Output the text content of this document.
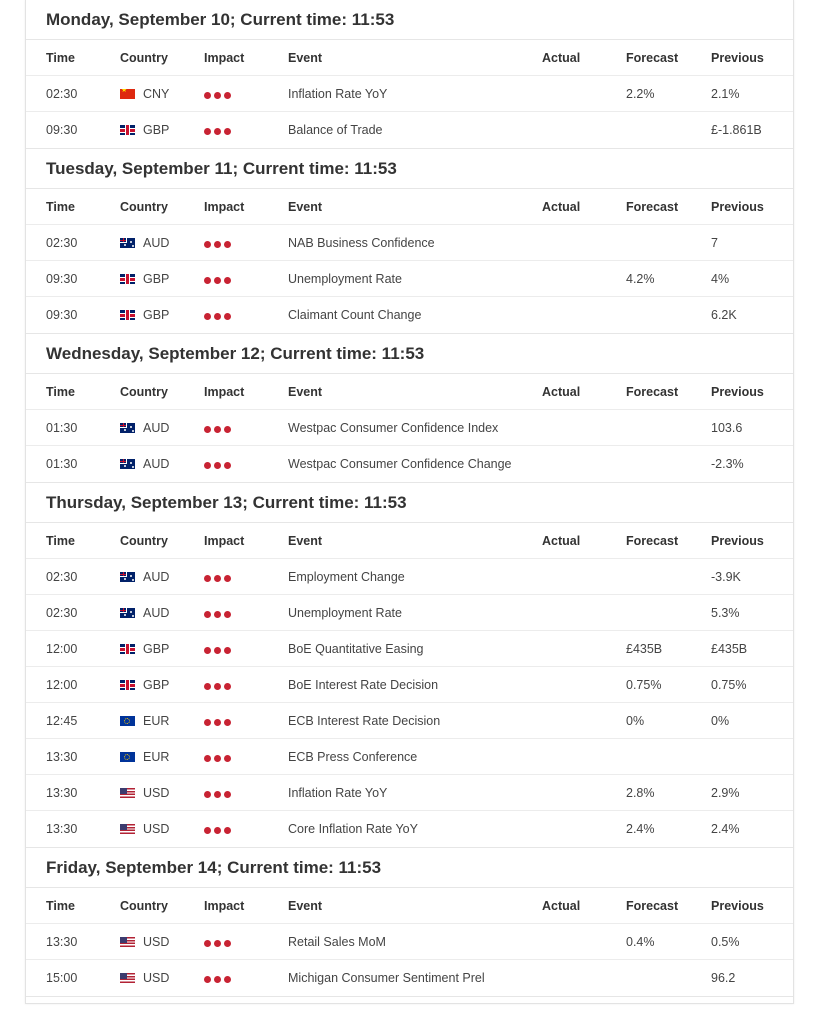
Monday, September 10; Current time: 11:53
Time	Country	Impact	Event	Actual	Forecast	Previous
02:30
★	CNY	Inflation Rate YoY	2.2%	2.1%
09:30	GBP	Balance of Trade	£-1.861B
Tuesday, September 11; Current time: 11:53
Time	Country	Impact	Event	Actual	Forecast	Previous
02:30	AUD	NAB Business Confidence	7
09:30	GBP	Unemployment Rate	4.2%	4%
09:30	GBP	Claimant Count Change	6.2K
Wednesday, September 12; Current time: 11:53
Time	Country	Impact	Event	Actual	Forecast	Previous
01:30	AUD	Westpac Consumer Confidence Index	103.6
01:30	AUD	Westpac Consumer Confidence Change	-2.3%
Thursday, September 13; Current time: 11:53
Time	Country	Impact	Event	Actual	Forecast	Previous
02:30	AUD	Employment Change	-3.9K
02:30	AUD	Unemployment Rate	5.3%
12:00	GBP	BoE Quantitative Easing	£435B	£435B
12:00	GBP	BoE Interest Rate Decision	0.75%	0.75%
12:45	EUR	ECB Interest Rate Decision	0%	0%
13:30	EUR	ECB Press Conference
13:30	USD	Inflation Rate YoY	2.8%	2.9%
13:30	USD	Core Inflation Rate YoY	2.4%	2.4%
Friday, September 14; Current time: 11:53
Time	Country	Impact	Event	Actual	Forecast	Previous
13:30	USD	Retail Sales MoM	0.4%	0.5%
15:00	USD	Michigan Consumer Sentiment Prel	96.2
